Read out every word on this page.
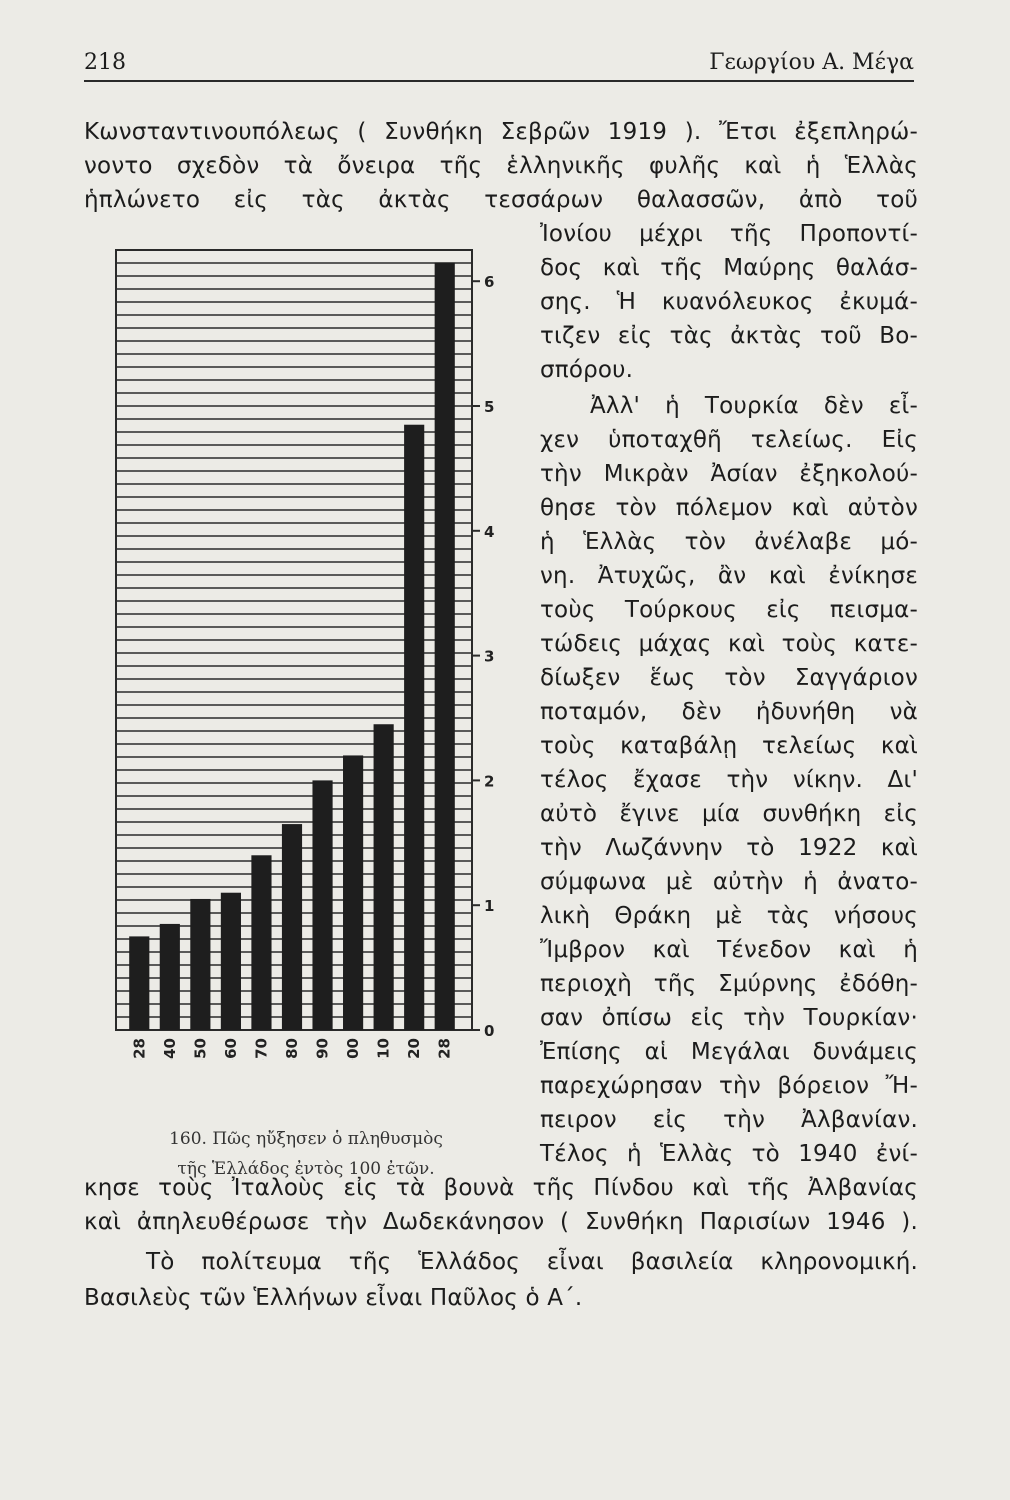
218	Γεωργίου Α. Μέγα
Κωνσταντινουπόλεως ( Συνθήκη Σεβρῶν 1919 ). Ἔτσι ἐξεπληρώ-
νοντο σχεδὸν τὰ ὄνειρα τῆς ἑλληνικῆς φυλῆς καὶ ἡ Ἑλλὰς
ἡπλώνετο εἰς τὰς ἀκτὰς τεσσάρων θαλασσῶν, ἀπὸ τοῦ
Ἰονίου μέχρι τῆς Προποντί-
δος καὶ τῆς Μαύρης θαλάσ-
σης. Ἡ κυανόλευκος ἐκυμά-
τιζεν εἰς τὰς ἀκτὰς τοῦ Βο-
σπόρου.
Ἀλλ' ἡ Τουρκία δὲν εἶ-
χεν ὑποταχθῆ τελείως. Εἰς
τὴν Μικρὰν Ἀσίαν ἐξηκολού-
θησε τὸν πόλεμον καὶ αὐτὸν
ἡ Ἑλλὰς τὸν ἀνέλαβε μό-
νη. Ἀτυχῶς, ἂν καὶ ἐνίκησε
τοὺς Τούρκους εἰς πεισμα-
τώδεις μάχας καὶ τοὺς κατε-
δίωξεν ἕως τὸν Σαγγάριον
ποταμόν, δὲν ἠδυνήθη νὰ
τοὺς καταβάλῃ τελείως καὶ
τέλος ἔχασε τὴν νίκην. Δι'
αὐτὸ ἔγινε μία συνθήκη εἰς
τὴν Λωζάννην τὸ 1922 καὶ
σύμφωνα μὲ αὐτὴν ἡ ἀνατο-
λικὴ Θράκη μὲ τὰς νήσους
Ἴμβρον καὶ Τένεδον καὶ ἡ
περιοχὴ τῆς Σμύρνης ἐδόθη-
σαν ὀπίσω εἰς τὴν Τουρκίαν·
Ἐπίσης αἱ Μεγάλαι δυνάμεις
παρεχώρησαν τὴν βόρειον Ἤ-
πειρον εἰς τὴν Ἀλβανίαν.
Τέλος ἡ Ἑλλὰς τὸ 1940 ἐνί-
κησε τοὺς Ἰταλοὺς εἰς τὰ βουνὰ τῆς Πίνδου καὶ τῆς Ἀλβανίας
καὶ ἀπηλευθέρωσε τὴν Δωδεκάνησον ( Συνθήκη Παρισίων 1946 ).
Τὸ πολίτευμα τῆς Ἑλλάδος εἶναι βασιλεία κληρονομική.
Βασιλεὺς τῶν Ἑλλήνων εἶναι Παῦλος ὁ Α΄.
1828 1840 1850 1860 1870 1880 1890 1900 1910 1920 1928
0
1
2
3
4
5
6
160. Πῶς ηὔξησεν ὁ πληθυσμὸς
τῆς Ἑλλάδος ἐντὸς 100 ἐτῶν.
